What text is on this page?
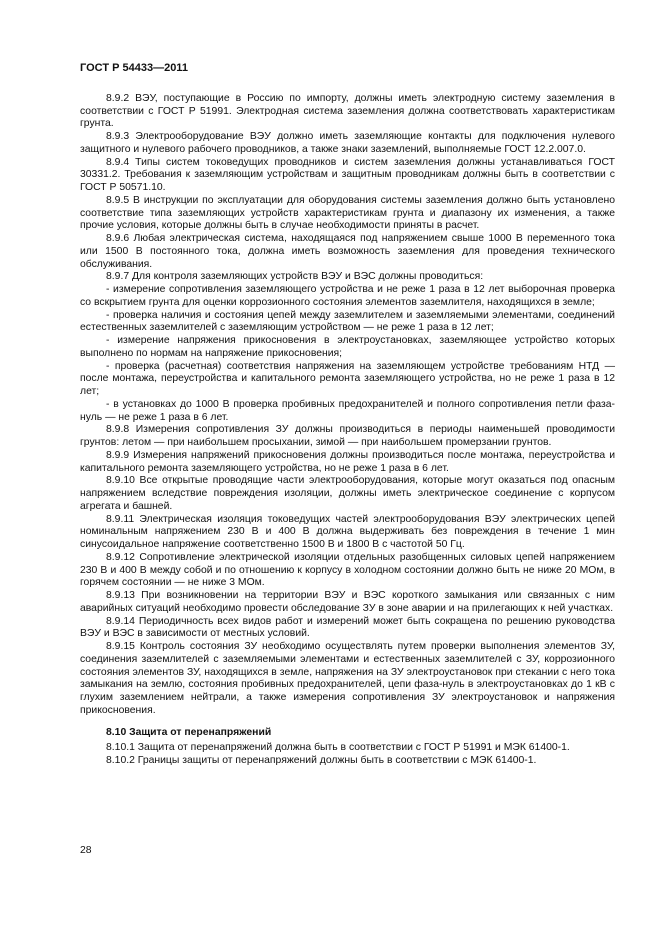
ГОСТ Р 54433—2011

8.9.2 ВЭУ, поступающие в Россию по импорту, должны иметь электродную систему заземления в соответствии с ГОСТ Р 51991. Электродная система заземления должна соответствовать характеристикам грунта.

8.9.3 Электрооборудование ВЭУ должно иметь заземляющие контакты для подключения нулевого защитного и нулевого рабочего проводников, а также знаки заземлений, выполняемые ГОСТ 12.2.007.0.

8.9.4 Типы систем токоведущих проводников и систем заземления должны устанавливаться ГОСТ 30331.2. Требования к заземляющим устройствам и защитным проводникам должны быть в соответствии с ГОСТ Р 50571.10.

8.9.5 В инструкции по эксплуатации для оборудования системы заземления должно быть установлено соответствие типа заземляющих устройств характеристикам грунта и диапазону их изменения, а также прочие условия, которые должны быть в случае необходимости приняты в расчет.

8.9.6 Любая электрическая система, находящаяся под напряжением свыше 1000 В переменного тока или 1500 В постоянного тока, должна иметь возможность заземления для проведения технического обслуживания.

8.9.7 Для контроля заземляющих устройств ВЭУ и ВЭС должны проводиться:

- измерение сопротивления заземляющего устройства и не реже 1 раза в 12 лет выборочная проверка со вскрытием грунта для оценки коррозионного состояния элементов заземлителя, находящихся в земле;

- проверка наличия и состояния цепей между заземлителем и заземляемыми элементами, соединений естественных заземлителей с заземляющим устройством — не реже 1 раза в 12 лет;

- измерение напряжения прикосновения в электроустановках, заземляющее устройство которых выполнено по нормам на напряжение прикосновения;

- проверка (расчетная) соответствия напряжения на заземляющем устройстве требованиям НТД — после монтажа, переустройства и капитального ремонта заземляющего устройства, но не реже 1 раза в 12 лет;

- в установках до 1000 В проверка пробивных предохранителей и полного сопротивления петли фаза-нуль — не реже 1 раза в 6 лет.

8.9.8 Измерения сопротивления ЗУ должны производиться в периоды наименьшей проводимости грунтов: летом — при наибольшем просыхании, зимой — при наибольшем промерзании грунтов.

8.9.9 Измерения напряжений прикосновения должны производиться после монтажа, переустройства и капитального ремонта заземляющего устройства, но не реже 1 раза в 6 лет.

8.9.10 Все открытые проводящие части электрооборудования, которые могут оказаться под опасным напряжением вследствие повреждения изоляции, должны иметь электрическое соединение с корпусом агрегата и башней.

8.9.11 Электрическая изоляция токоведущих частей электрооборудования ВЭУ электрических цепей номинальным напряжением 230 В и 400 В должна выдерживать без повреждения в течение 1 мин синусоидальное напряжение соответственно 1500 В и 1800 В с частотой 50 Гц.

8.9.12 Сопротивление электрической изоляции отдельных разобщенных силовых цепей напряжением 230 В и 400 В между собой и по отношению к корпусу в холодном состоянии должно быть не ниже 20 МОм, в горячем состоянии — не ниже 3 МОм.

8.9.13 При возникновении на территории ВЭУ и ВЭС короткого замыкания или связанных с ним аварийных ситуаций необходимо провести обследование ЗУ в зоне аварии и на прилегающих к ней участках.

8.9.14 Периодичность всех видов работ и измерений может быть сокращена по решению руководства ВЭУ и ВЭС в зависимости от местных условий.

8.9.15 Контроль состояния ЗУ необходимо осуществлять путем проверки выполнения элементов ЗУ, соединения заземлителей с заземляемыми элементами и естественных заземлителей с ЗУ, коррозионного состояния элементов ЗУ, находящихся в земле, напряжения на ЗУ электроустановок при стекании с него тока замыкания на землю, состояния пробивных предохранителей, цепи фаза-нуль в электроустановках до 1 кВ с глухим заземлением нейтрали, а также измерения сопротивления ЗУ электроустановок и напряжения прикосновения.

8.10 Защита от перенапряжений

8.10.1 Защита от перенапряжений должна быть в соответствии с ГОСТ Р 51991 и МЭК 61400-1.

8.10.2 Границы защиты от перенапряжений должны быть в соответствии с МЭК 61400-1.

28
